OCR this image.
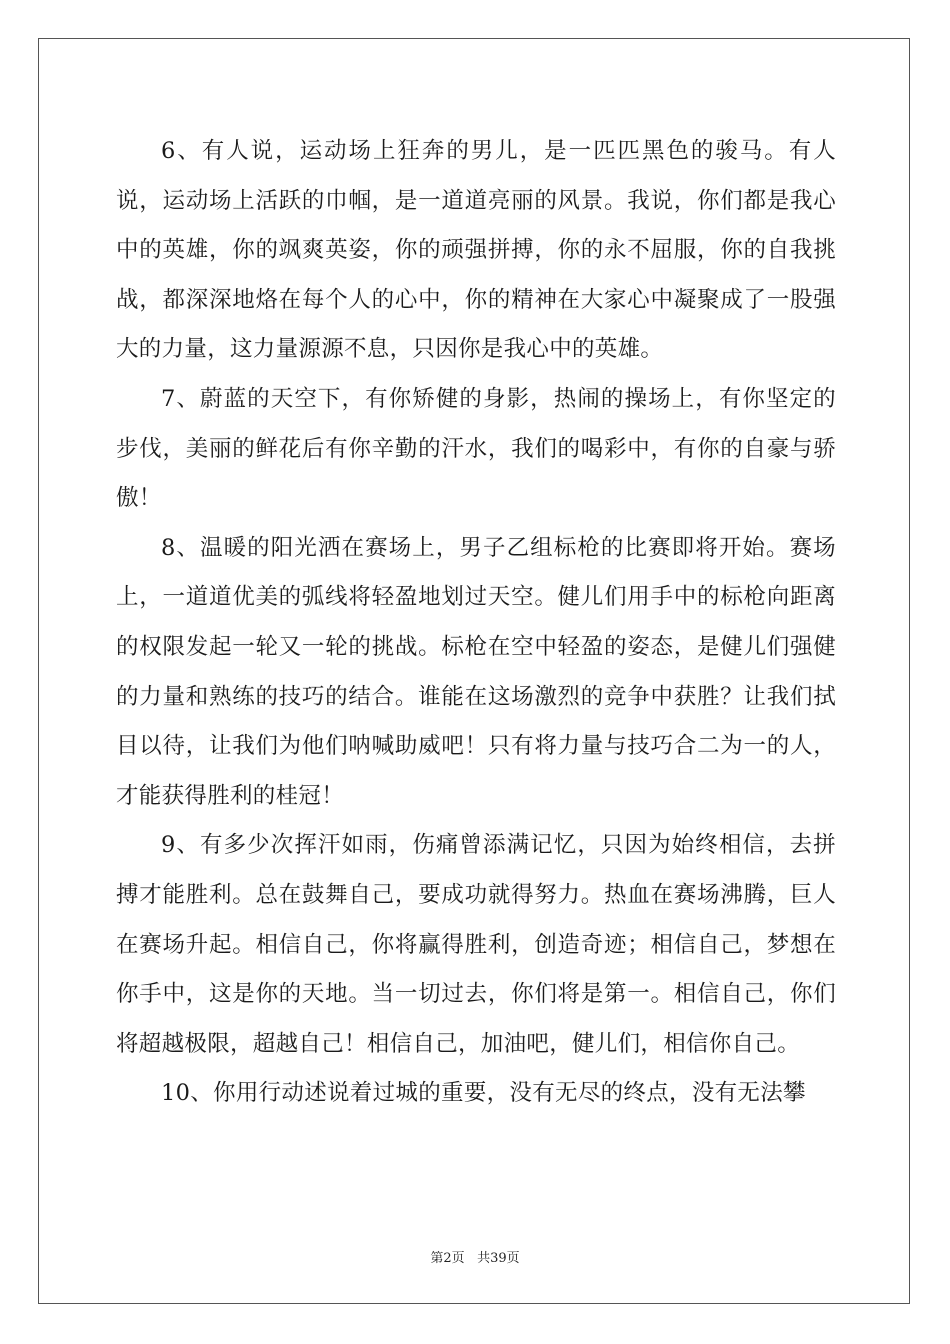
6、有人说，运动场上狂奔的男儿，是一匹匹黑色的骏马。有人说，运动场上活跃的巾帼，是一道道亮丽的风景。我说，你们都是我心中的英雄，你的飒爽英姿，你的顽强拼搏，你的永不屈服，你的自我挑战，都深深地烙在每个人的心中，你的精神在大家心中凝聚成了一股强大的力量，这力量源源不息，只因你是我心中的英雄。

7、蔚蓝的天空下，有你矫健的身影，热闹的操场上，有你坚定的步伐，美丽的鲜花后有你辛勤的汗水，我们的喝彩中，有你的自豪与骄傲！

8、温暖的阳光洒在赛场上，男子乙组标枪的比赛即将开始。赛场上，一道道优美的弧线将轻盈地划过天空。健儿们用手中的标枪向距离的权限发起一轮又一轮的挑战。标枪在空中轻盈的姿态，是健儿们强健的力量和熟练的技巧的结合。谁能在这场激烈的竞争中获胜？让我们拭目以待，让我们为他们呐喊助威吧！只有将力量与技巧合二为一的人，才能获得胜利的桂冠！

9、有多少次挥汗如雨，伤痛曾添满记忆，只因为始终相信，去拼搏才能胜利。总在鼓舞自己，要成功就得努力。热血在赛场沸腾，巨人在赛场升起。相信自己，你将赢得胜利，创造奇迹；相信自己，梦想在你手中，这是你的天地。当一切过去，你们将是第一。相信自己，你们将超越极限，超越自己！相信自己，加油吧，健儿们，相信你自己。

10、你用行动述说着过城的重要，没有无尽的终点，没有无法攀

第2页 共39页
